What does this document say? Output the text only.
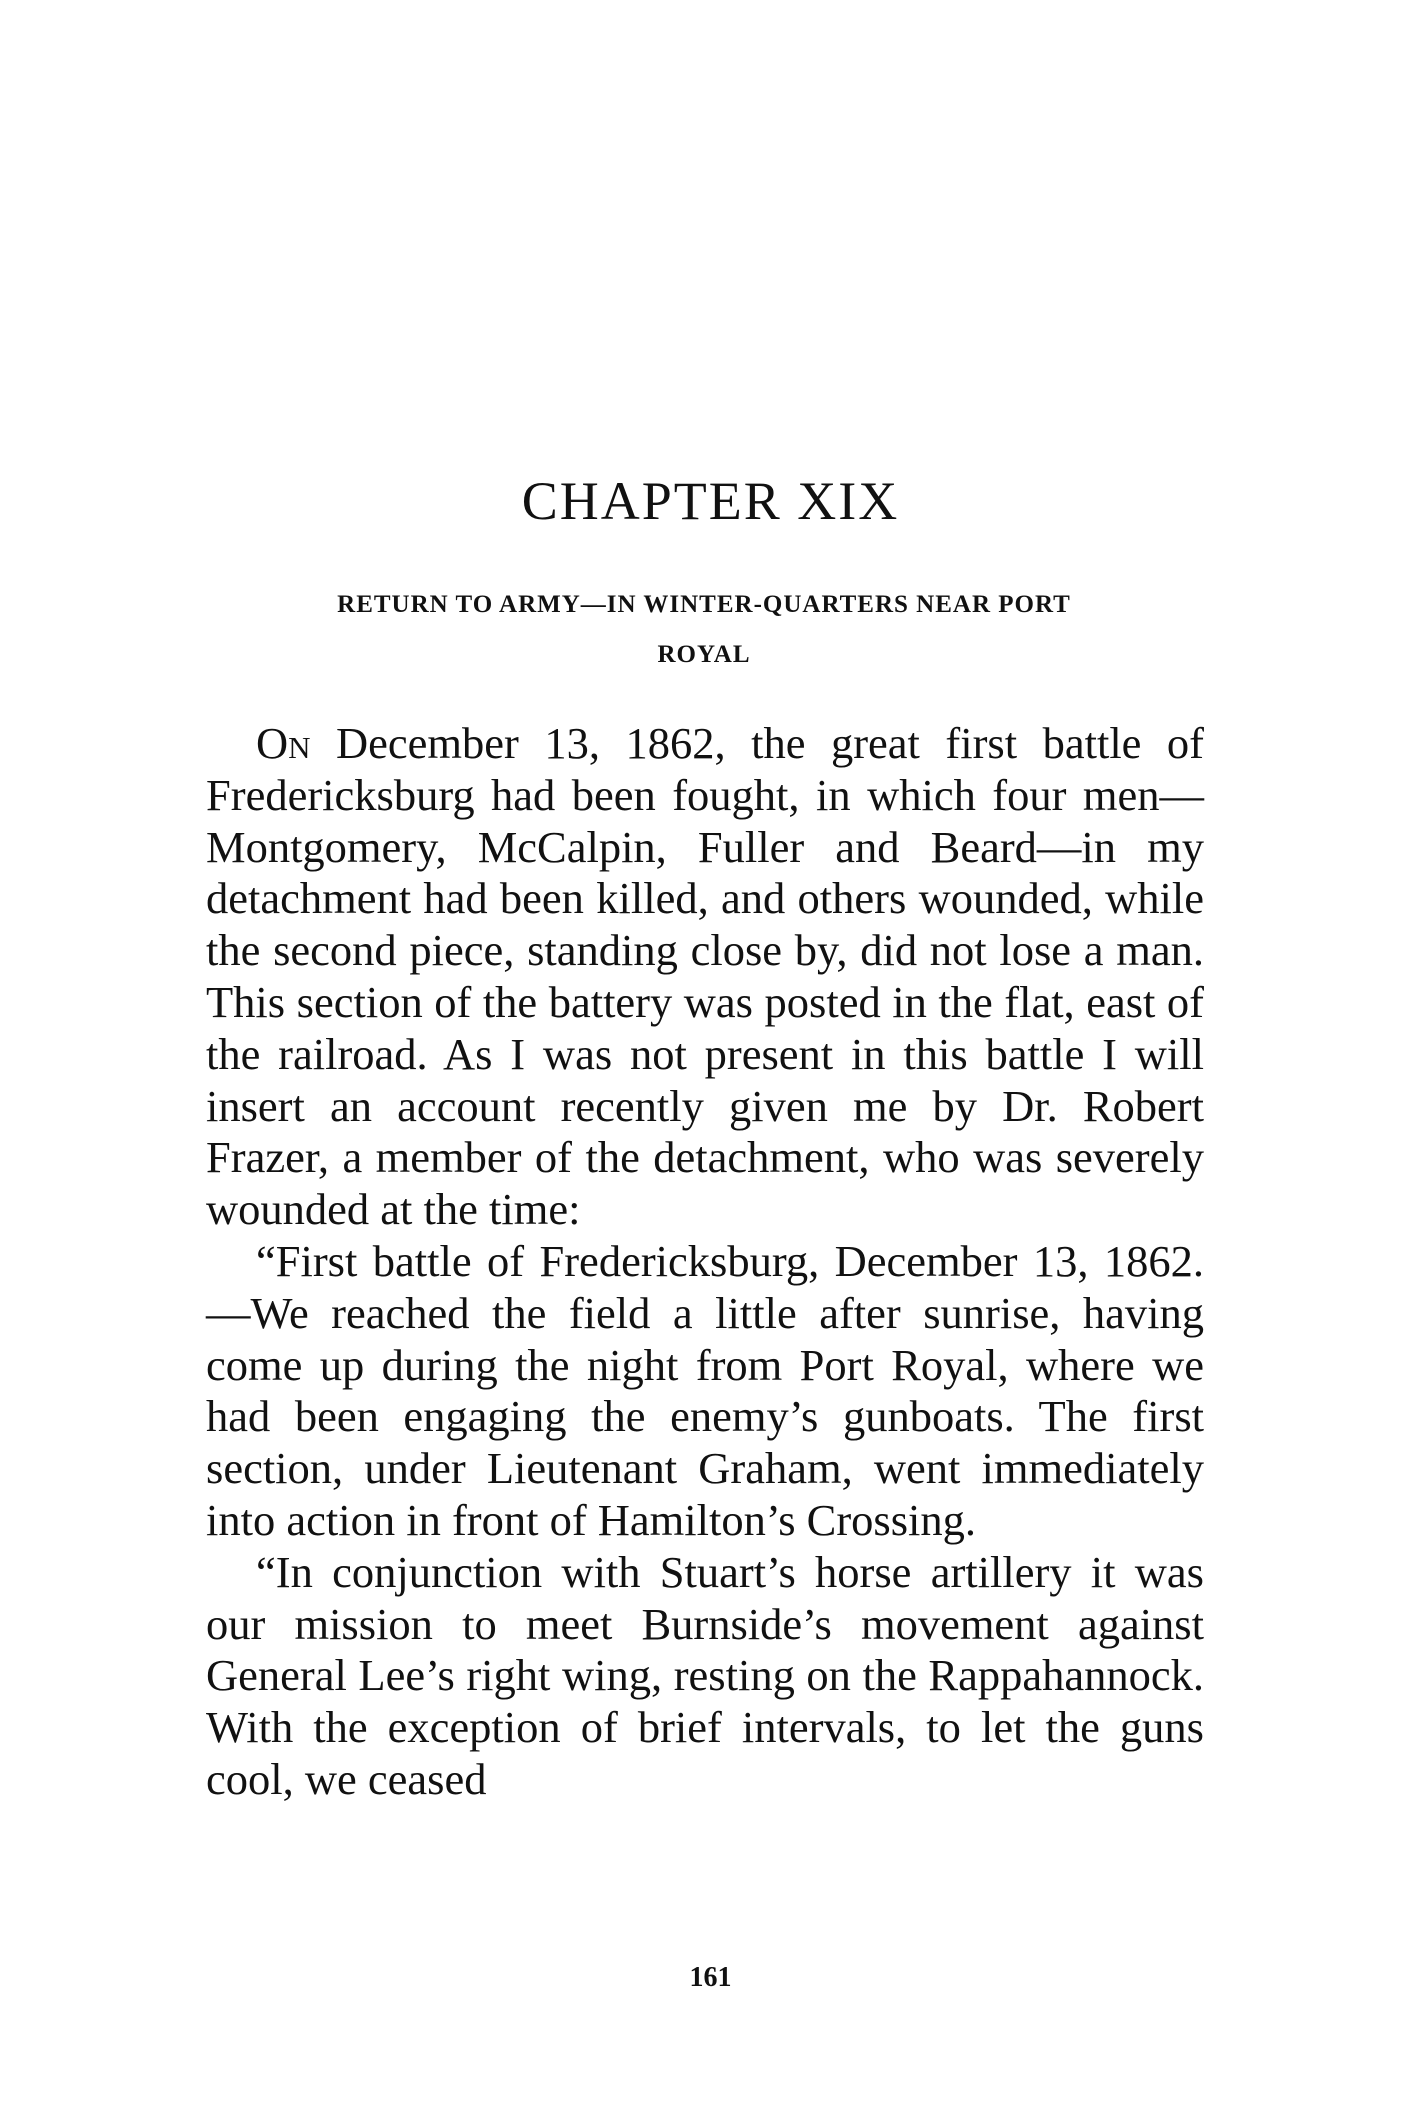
CHAPTER XIX
RETURN TO ARMY—IN WINTER-QUARTERS NEAR PORT
ROYAL

On December 13, 1862, the great first battle of Fredericksburg had been fought, in which four men—Montgomery, McCalpin, Fuller and Beard—in my detachment had been killed, and others wounded, while the second piece, standing close by, did not lose a man. This section of the battery was posted in the flat, east of the railroad. As I was not present in this battle I will insert an account recently given me by Dr. Robert Frazer, a member of the detachment, who was severely wounded at the time:

“First battle of Fredericksburg, December 13, 1862.—We reached the field a little after sunrise, having come up during the night from Port Royal, where we had been engaging the enemy’s gunboats. The first section, under Lieutenant Graham, went immediately into action in front of Hamilton’s Crossing.

“In conjunction with Stuart’s horse artillery it was our mission to meet Burnside’s movement against General Lee’s right wing, resting on the Rappahannock. With the exception of brief intervals, to let the guns cool, we ceased

161
